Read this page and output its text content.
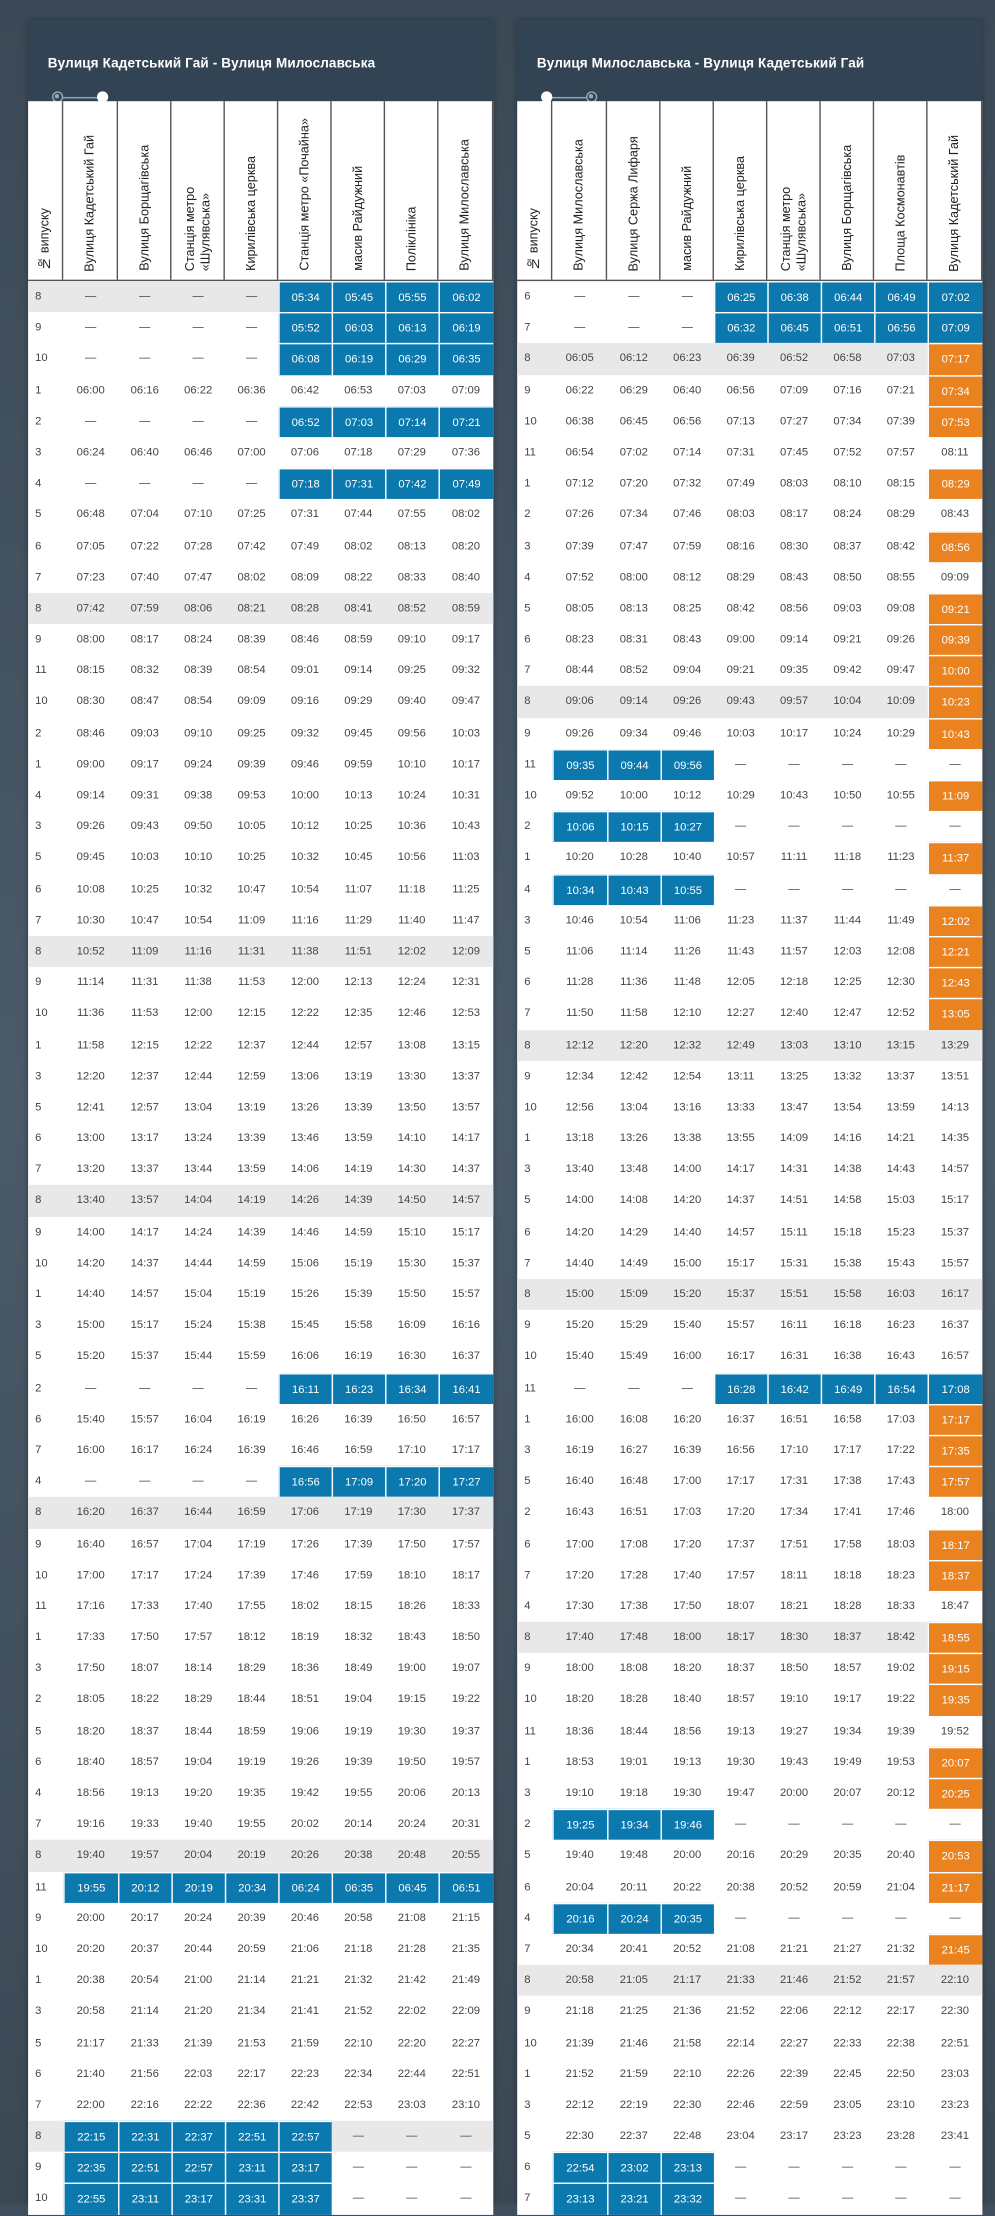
Вулиця Кадетський Гай - Вулиця Милославська
№ випуску	Вулиця Кадетський Гай	Вулиця Борщагівська	Станція метро «Шулявська»	Кирилівська церква	Станція метро «Почайна»	масив Райдужний	Поліклініка	Вулиця Милославська
8	—	—	—	—	05:34	05:45	05:55	06:02
9	—	—	—	—	05:52	06:03	06:13	06:19
10	—	—	—	—	06:08	06:19	06:29	06:35
1	06:00	06:16	06:22	06:36	06:42	06:53	07:03	07:09
2	—	—	—	—	06:52	07:03	07:14	07:21
3	06:24	06:40	06:46	07:00	07:06	07:18	07:29	07:36
4	—	—	—	—	07:18	07:31	07:42	07:49
5	06:48	07:04	07:10	07:25	07:31	07:44	07:55	08:02
6	07:05	07:22	07:28	07:42	07:49	08:02	08:13	08:20
7	07:23	07:40	07:47	08:02	08:09	08:22	08:33	08:40
8	07:42	07:59	08:06	08:21	08:28	08:41	08:52	08:59
9	08:00	08:17	08:24	08:39	08:46	08:59	09:10	09:17
11	08:15	08:32	08:39	08:54	09:01	09:14	09:25	09:32
10	08:30	08:47	08:54	09:09	09:16	09:29	09:40	09:47
2	08:46	09:03	09:10	09:25	09:32	09:45	09:56	10:03
1	09:00	09:17	09:24	09:39	09:46	09:59	10:10	10:17
4	09:14	09:31	09:38	09:53	10:00	10:13	10:24	10:31
3	09:26	09:43	09:50	10:05	10:12	10:25	10:36	10:43
5	09:45	10:03	10:10	10:25	10:32	10:45	10:56	11:03
6	10:08	10:25	10:32	10:47	10:54	11:07	11:18	11:25
7	10:30	10:47	10:54	11:09	11:16	11:29	11:40	11:47
8	10:52	11:09	11:16	11:31	11:38	11:51	12:02	12:09
9	11:14	11:31	11:38	11:53	12:00	12:13	12:24	12:31
10	11:36	11:53	12:00	12:15	12:22	12:35	12:46	12:53
1	11:58	12:15	12:22	12:37	12:44	12:57	13:08	13:15
3	12:20	12:37	12:44	12:59	13:06	13:19	13:30	13:37
5	12:41	12:57	13:04	13:19	13:26	13:39	13:50	13:57
6	13:00	13:17	13:24	13:39	13:46	13:59	14:10	14:17
7	13:20	13:37	13:44	13:59	14:06	14:19	14:30	14:37
8	13:40	13:57	14:04	14:19	14:26	14:39	14:50	14:57
9	14:00	14:17	14:24	14:39	14:46	14:59	15:10	15:17
10	14:20	14:37	14:44	14:59	15:06	15:19	15:30	15:37
1	14:40	14:57	15:04	15:19	15:26	15:39	15:50	15:57
3	15:00	15:17	15:24	15:38	15:45	15:58	16:09	16:16
5	15:20	15:37	15:44	15:59	16:06	16:19	16:30	16:37
2	—	—	—	—	16:11	16:23	16:34	16:41
6	15:40	15:57	16:04	16:19	16:26	16:39	16:50	16:57
7	16:00	16:17	16:24	16:39	16:46	16:59	17:10	17:17
4	—	—	—	—	16:56	17:09	17:20	17:27
8	16:20	16:37	16:44	16:59	17:06	17:19	17:30	17:37
9	16:40	16:57	17:04	17:19	17:26	17:39	17:50	17:57
10	17:00	17:17	17:24	17:39	17:46	17:59	18:10	18:17
11	17:16	17:33	17:40	17:55	18:02	18:15	18:26	18:33
1	17:33	17:50	17:57	18:12	18:19	18:32	18:43	18:50
3	17:50	18:07	18:14	18:29	18:36	18:49	19:00	19:07
2	18:05	18:22	18:29	18:44	18:51	19:04	19:15	19:22
5	18:20	18:37	18:44	18:59	19:06	19:19	19:30	19:37
6	18:40	18:57	19:04	19:19	19:26	19:39	19:50	19:57
4	18:56	19:13	19:20	19:35	19:42	19:55	20:06	20:13
7	19:16	19:33	19:40	19:55	20:02	20:14	20:24	20:31
8	19:40	19:57	20:04	20:19	20:26	20:38	20:48	20:55
11	19:55	20:12	20:19	20:34	06:24	06:35	06:45	06:51
9	20:00	20:17	20:24	20:39	20:46	20:58	21:08	21:15
10	20:20	20:37	20:44	20:59	21:06	21:18	21:28	21:35
1	20:38	20:54	21:00	21:14	21:21	21:32	21:42	21:49
3	20:58	21:14	21:20	21:34	21:41	21:52	22:02	22:09
5	21:17	21:33	21:39	21:53	21:59	22:10	22:20	22:27
6	21:40	21:56	22:03	22:17	22:23	22:34	22:44	22:51
7	22:00	22:16	22:22	22:36	22:42	22:53	23:03	23:10
8	22:15	22:31	22:37	22:51	22:57	—	—	—
9	22:35	22:51	22:57	23:11	23:17	—	—	—
10	22:55	23:11	23:17	23:31	23:37	—	—	—
Вулиця Милославська - Вулиця Кадетський Гай
№ випуску	Вулиця Милославська	Вулиця Сержа Лифаря	масив Райдужний	Кирилівська церква	Станція метро «Шулявська»	Вулиця Борщагівська	Площа Космонавтів	Вулиця Кадетський Гай
6	—	—	—	06:25	06:38	06:44	06:49	07:02
7	—	—	—	06:32	06:45	06:51	06:56	07:09
8	06:05	06:12	06:23	06:39	06:52	06:58	07:03	07:17
9	06:22	06:29	06:40	06:56	07:09	07:16	07:21	07:34
10	06:38	06:45	06:56	07:13	07:27	07:34	07:39	07:53
11	06:54	07:02	07:14	07:31	07:45	07:52	07:57	08:11
1	07:12	07:20	07:32	07:49	08:03	08:10	08:15	08:29
2	07:26	07:34	07:46	08:03	08:17	08:24	08:29	08:43
3	07:39	07:47	07:59	08:16	08:30	08:37	08:42	08:56
4	07:52	08:00	08:12	08:29	08:43	08:50	08:55	09:09
5	08:05	08:13	08:25	08:42	08:56	09:03	09:08	09:21
6	08:23	08:31	08:43	09:00	09:14	09:21	09:26	09:39
7	08:44	08:52	09:04	09:21	09:35	09:42	09:47	10:00
8	09:06	09:14	09:26	09:43	09:57	10:04	10:09	10:23
9	09:26	09:34	09:46	10:03	10:17	10:24	10:29	10:43
11	09:35	09:44	09:56	—	—	—	—	—
10	09:52	10:00	10:12	10:29	10:43	10:50	10:55	11:09
2	10:06	10:15	10:27	—	—	—	—	—
1	10:20	10:28	10:40	10:57	11:11	11:18	11:23	11:37
4	10:34	10:43	10:55	—	—	—	—	—
3	10:46	10:54	11:06	11:23	11:37	11:44	11:49	12:02
5	11:06	11:14	11:26	11:43	11:57	12:03	12:08	12:21
6	11:28	11:36	11:48	12:05	12:18	12:25	12:30	12:43
7	11:50	11:58	12:10	12:27	12:40	12:47	12:52	13:05
8	12:12	12:20	12:32	12:49	13:03	13:10	13:15	13:29
9	12:34	12:42	12:54	13:11	13:25	13:32	13:37	13:51
10	12:56	13:04	13:16	13:33	13:47	13:54	13:59	14:13
1	13:18	13:26	13:38	13:55	14:09	14:16	14:21	14:35
3	13:40	13:48	14:00	14:17	14:31	14:38	14:43	14:57
5	14:00	14:08	14:20	14:37	14:51	14:58	15:03	15:17
6	14:20	14:29	14:40	14:57	15:11	15:18	15:23	15:37
7	14:40	14:49	15:00	15:17	15:31	15:38	15:43	15:57
8	15:00	15:09	15:20	15:37	15:51	15:58	16:03	16:17
9	15:20	15:29	15:40	15:57	16:11	16:18	16:23	16:37
10	15:40	15:49	16:00	16:17	16:31	16:38	16:43	16:57
11	—	—	—	16:28	16:42	16:49	16:54	17:08
1	16:00	16:08	16:20	16:37	16:51	16:58	17:03	17:17
3	16:19	16:27	16:39	16:56	17:10	17:17	17:22	17:35
5	16:40	16:48	17:00	17:17	17:31	17:38	17:43	17:57
2	16:43	16:51	17:03	17:20	17:34	17:41	17:46	18:00
6	17:00	17:08	17:20	17:37	17:51	17:58	18:03	18:17
7	17:20	17:28	17:40	17:57	18:11	18:18	18:23	18:37
4	17:30	17:38	17:50	18:07	18:21	18:28	18:33	18:47
8	17:40	17:48	18:00	18:17	18:30	18:37	18:42	18:55
9	18:00	18:08	18:20	18:37	18:50	18:57	19:02	19:15
10	18:20	18:28	18:40	18:57	19:10	19:17	19:22	19:35
11	18:36	18:44	18:56	19:13	19:27	19:34	19:39	19:52
1	18:53	19:01	19:13	19:30	19:43	19:49	19:53	20:07
3	19:10	19:18	19:30	19:47	20:00	20:07	20:12	20:25
2	19:25	19:34	19:46	—	—	—	—	—
5	19:40	19:48	20:00	20:16	20:29	20:35	20:40	20:53
6	20:04	20:11	20:22	20:38	20:52	20:59	21:04	21:17
4	20:16	20:24	20:35	—	—	—	—	—
7	20:34	20:41	20:52	21:08	21:21	21:27	21:32	21:45
8	20:58	21:05	21:17	21:33	21:46	21:52	21:57	22:10
9	21:18	21:25	21:36	21:52	22:06	22:12	22:17	22:30
10	21:39	21:46	21:58	22:14	22:27	22:33	22:38	22:51
1	21:52	21:59	22:10	22:26	22:39	22:45	22:50	23:03
3	22:12	22:19	22:30	22:46	22:59	23:05	23:10	23:23
5	22:30	22:37	22:48	23:04	23:17	23:23	23:28	23:41
6	22:54	23:02	23:13	—	—	—	—	—
7	23:13	23:21	23:32	—	—	—	—	—
